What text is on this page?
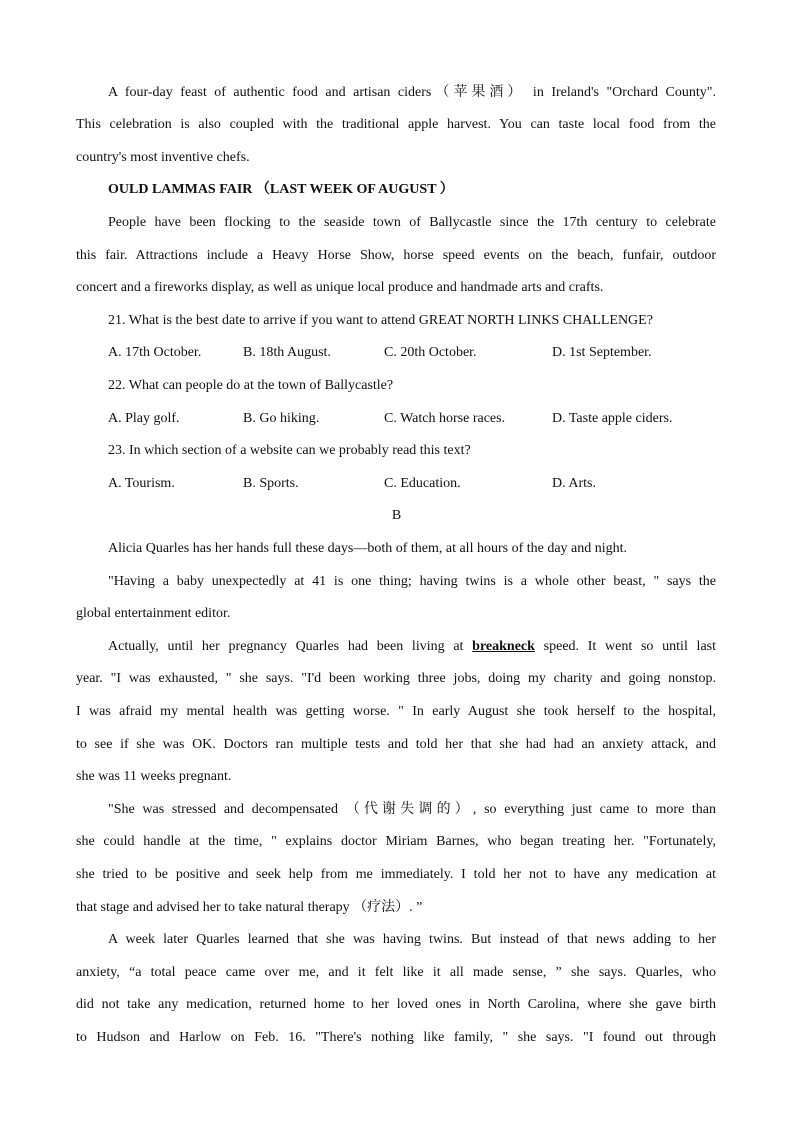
A four-day feast of authentic food and artisan ciders（苹果酒） in Ireland's "Orchard County".
This celebration is also coupled with the traditional apple harvest. You can taste local food from the
country's most inventive chefs.
OULD LAMMAS FAIR （LAST WEEK OF AUGUST ）
People have been flocking to the seaside town of Ballycastle since the 17th century to celebrate
this fair. Attractions include a Heavy Horse Show, horse speed events on the beach, funfair, outdoor
concert and a fireworks display, as well as unique local produce and handmade arts and crafts.
21. What is the best date to arrive if you want to attend GREAT NORTH LINKS CHALLENGE?
A. 17th October.	B. 18th August.	C. 20th October.	D. 1st September.
22. What can people do at the town of Ballycastle?
A. Play golf.	B. Go hiking.	C. Watch horse races.	D. Taste apple ciders.
23. In which section of a website can we probably read this text?
A. Tourism.	B. Sports.	C. Education.	D. Arts.
B
Alicia Quarles has her hands full these days—both of them, at all hours of the day and night.
"Having a baby unexpectedly at 41 is one thing; having twins is a whole other beast, " says the
global entertainment editor.
Actually, until her pregnancy Quarles had been living at breakneck speed. It went so until last
year. "I was exhausted, " she says. "I'd been working three jobs, doing my charity and going nonstop.
I was afraid my mental health was getting worse. " In early August she took herself to the hospital,
to see if she was OK. Doctors ran multiple tests and told her that she had had an anxiety attack, and
she was 11 weeks pregnant.
"She was stressed and decompensated （代谢失调的）, so everything just came to more than
she could handle at the time, " explains doctor Miriam Barnes, who began treating her. "Fortunately,
she tried to be positive and seek help from me immediately. I told her not to have any medication at
that stage and advised her to take natural therapy （疗法）. ”
A week later Quarles learned that she was having twins. But instead of that news adding to her
anxiety, “a total peace came over me, and it felt like it all made sense, ” she says. Quarles, who
did not take any medication, returned home to her loved ones in North Carolina, where she gave birth
to Hudson and Harlow on Feb. 16. "There's nothing like family, " she says. "I found out through
